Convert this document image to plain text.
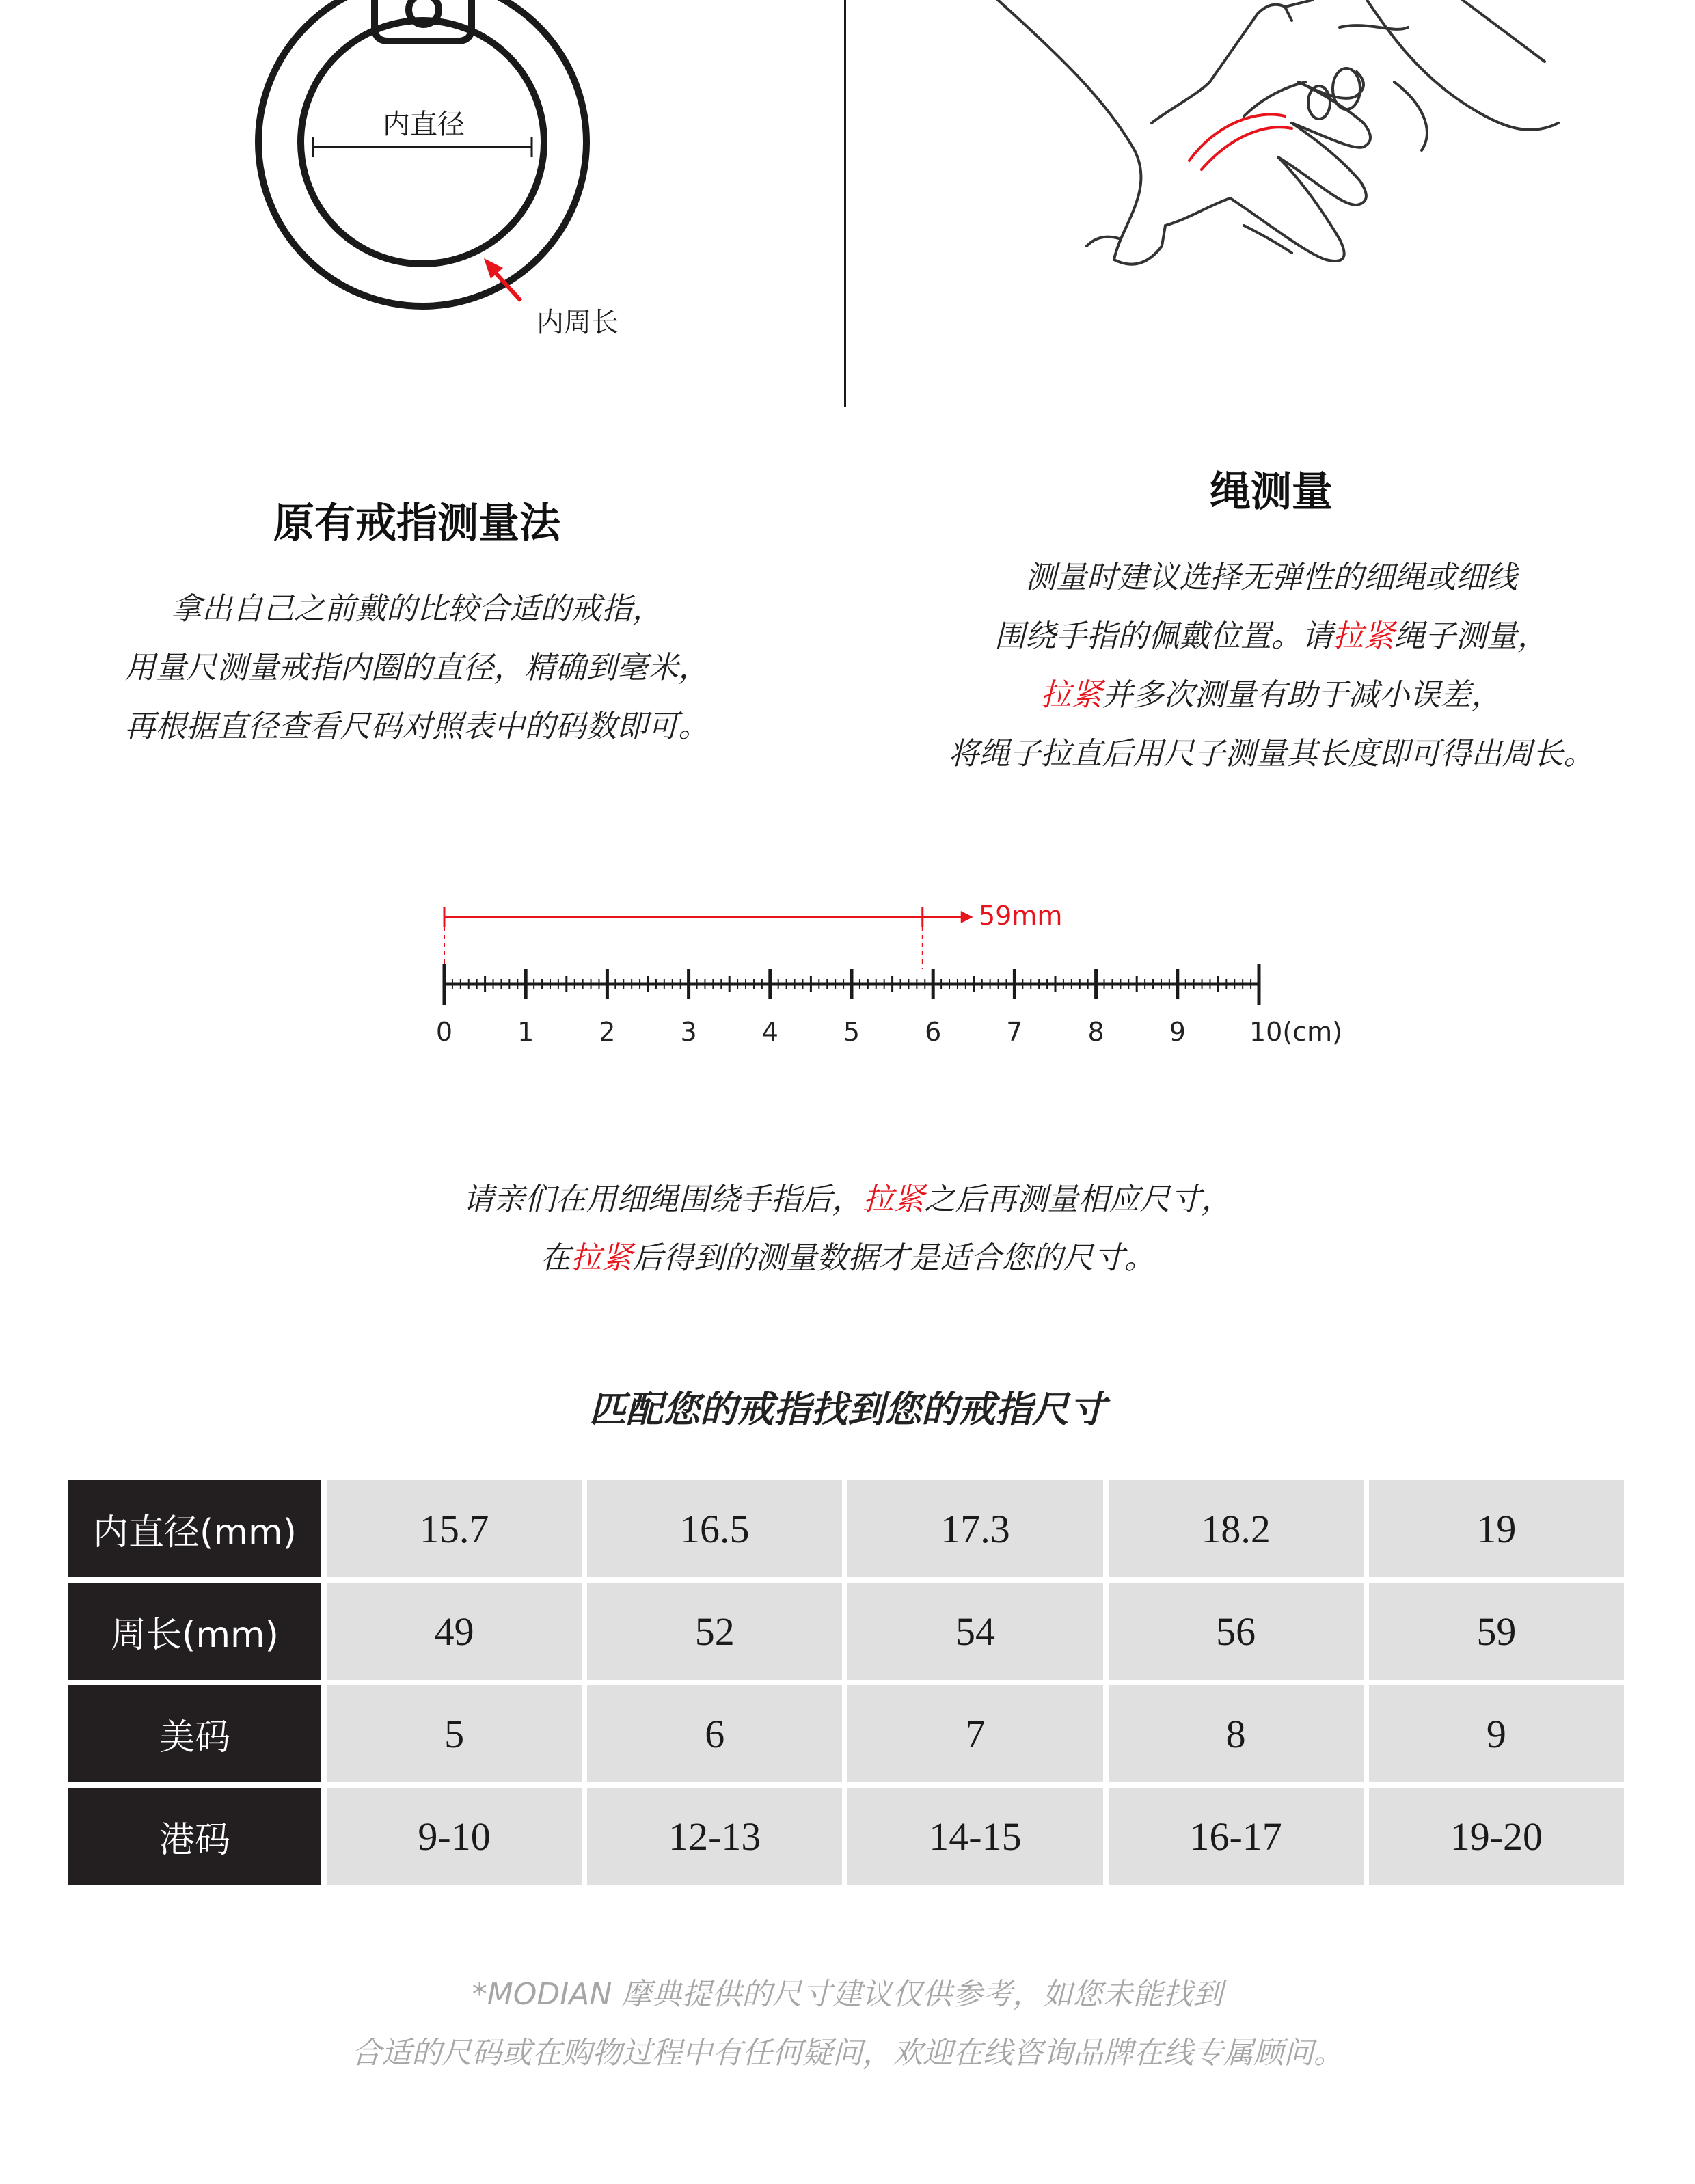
内直径
内周长
原有戒指测量法
拿出自己之前戴的比较合适的戒指，
用量尺测量戒指内圈的直径，精确到毫米，
再根据直径查看尺码对照表中的码数即可。
绳测量
测量时建议选择无弹性的细绳或细线
围绕手指的佩戴位置。请拉紧绳子测量，
拉紧并多次测量有助于减小误差，
将绳子拉直后用尺子测量其长度即可得出周长。
59mm
0	1	2	3	4	5	6	7	8	9 10(cm)
请亲们在用细绳围绕手指后，拉紧之后再测量相应尺寸，
在拉紧后得到的测量数据才是适合您的尺寸。
匹配您的戒指找到您的戒指尺寸
内直径(mm)	15.7	16.5	17.3	18.2	19
周长(mm)	49	52	54	56	59
美码	5	6	7	8	9
港码	9-10	12-13	14-15	16-17	19-20
*MODIAN 摩典提供的尺寸建议仅供参考，如您未能找到
合适的尺码或在购物过程中有任何疑问，欢迎在线咨询品牌在线专属顾问。
